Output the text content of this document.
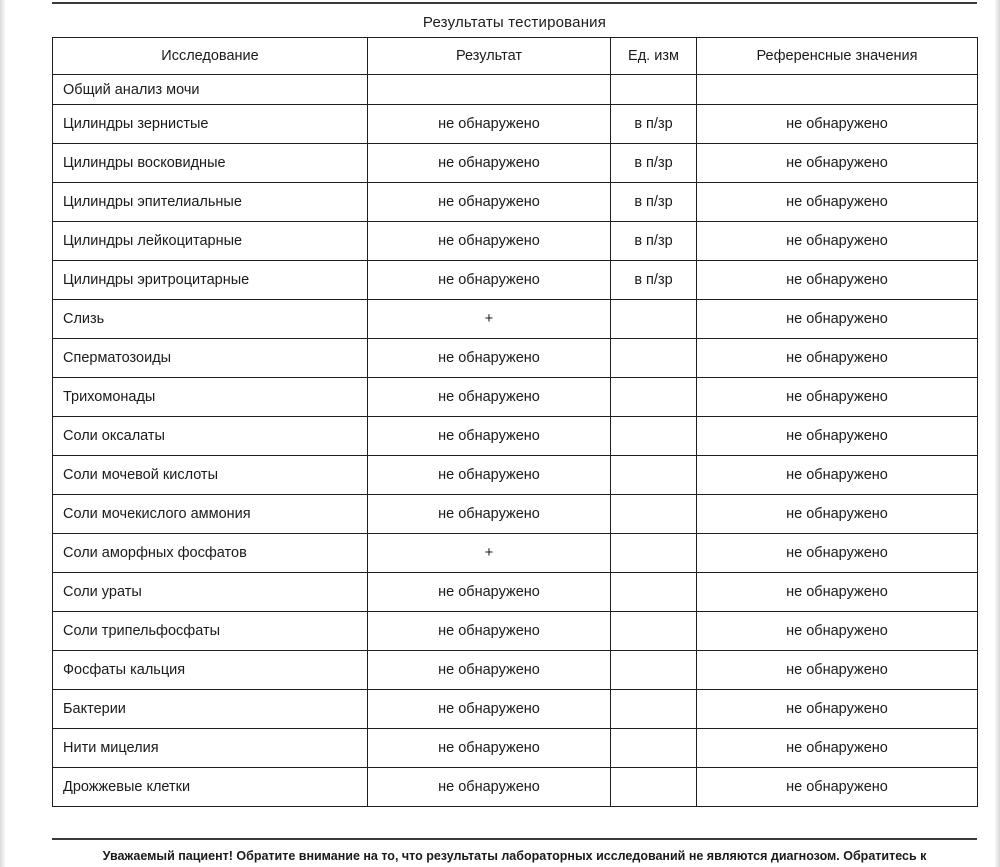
Результаты тестирования
Исследование	Результат	Ед. изм	Референсные значения
Общий анализ мочи			
Цилиндры зернистые	не обнаружено	в п/зр	не обнаружено
Цилиндры восковидные	не обнаружено	в п/зр	не обнаружено
Цилиндры эпителиальные	не обнаружено	в п/зр	не обнаружено
Цилиндры лейкоцитарные	не обнаружено	в п/зр	не обнаружено
Цилиндры эритроцитарные	не обнаружено	в п/зр	не обнаружено
Слизь	+		не обнаружено
Сперматозоиды	не обнаружено		не обнаружено
Трихомонады	не обнаружено		не обнаружено
Соли оксалаты	не обнаружено		не обнаружено
Соли мочевой кислоты	не обнаружено		не обнаружено
Соли мочекислого аммония	не обнаружено		не обнаружено
Соли аморфных фосфатов	+		не обнаружено
Соли ураты	не обнаружено		не обнаружено
Соли трипельфосфаты	не обнаружено		не обнаружено
Фосфаты кальция	не обнаружено		не обнаружено
Бактерии	не обнаружено		не обнаружено
Нити мицелия	не обнаружено		не обнаружено
Дрожжевые клетки	не обнаружено		не обнаружено
Уважаемый пациент! Обратите внимание на то, что результаты лабораторных исследований не являются диагнозом. Обратитесь к
